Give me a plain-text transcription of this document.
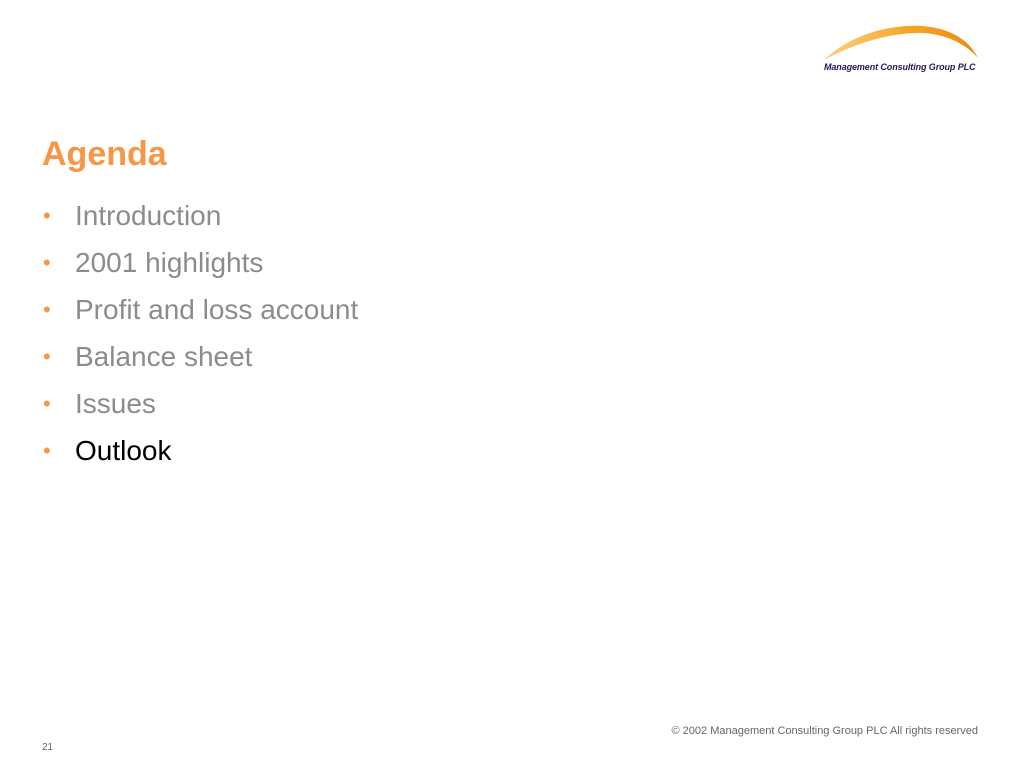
Management Consulting Group PLC
Agenda
• Introduction
• 2001 highlights
• Profit and loss account
• Balance sheet
• Issues
• Outlook
© 2002 Management Consulting Group PLC All rights reserved
21
